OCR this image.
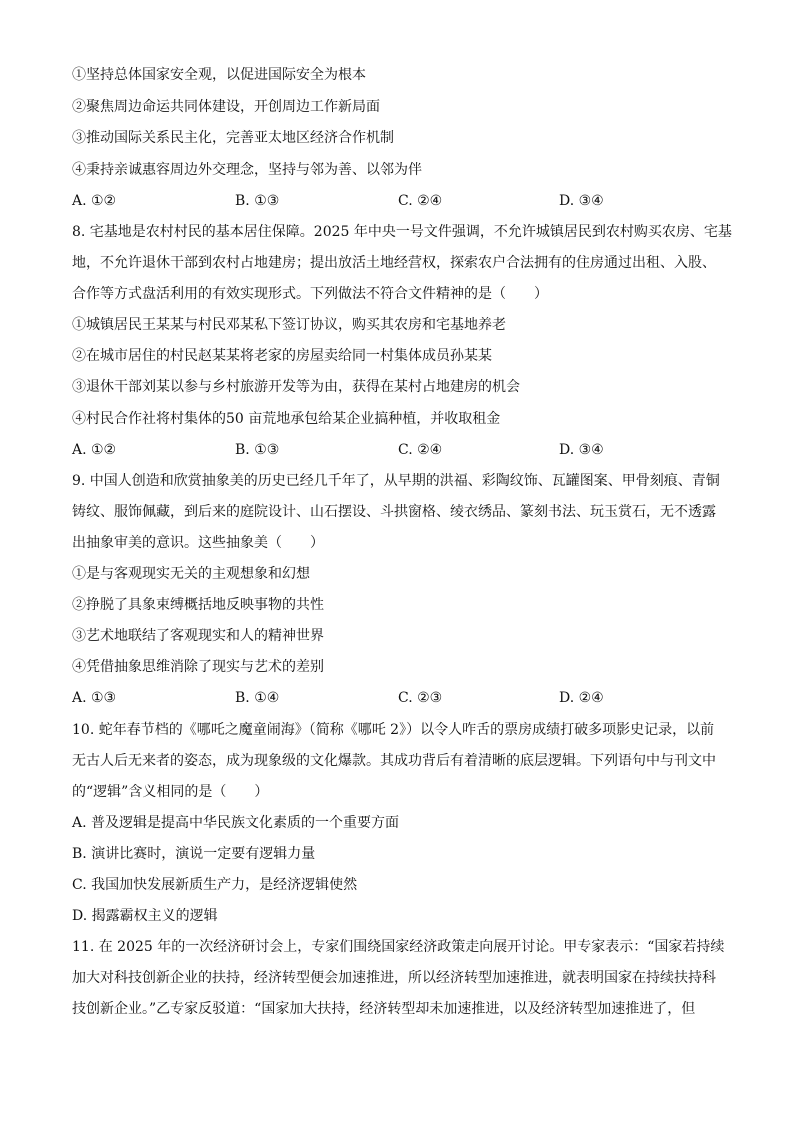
①坚持总体国家安全观，以促进国际安全为根本
②聚焦周边命运共同体建设，开创周边工作新局面
③推动国际关系民主化，完善亚太地区经济合作机制
④秉持亲诚惠容周边外交理念，坚持与邻为善、以邻为伴
A. ①②	B. ①③	C. ②④	D. ③④
8. 宅基地是农村村民的基本居住保障。2025 年中央一号文件强调，不允许城镇居民到农村购买农房、宅基
地，不允许退休干部到农村占地建房；提出放活土地经营权，探索农户合法拥有的住房通过出租、入股、
合作等方式盘活利用的有效实现形式。下列做法不符合文件精神的是（　　）
①城镇居民王某某与村民邓某私下签订协议，购买其农房和宅基地养老
②在城市居住的村民赵某某将老家的房屋卖给同一村集体成员孙某某
③退休干部刘某以参与乡村旅游开发等为由，获得在某村占地建房的机会
④村民合作社将村集体的50 亩荒地承包给某企业搞种植，并收取租金
A. ①②	B. ①③	C. ②④	D. ③④
9. 中国人创造和欣赏抽象美的历史已经几千年了，从早期的洪福、彩陶纹饰、瓦罐图案、甲骨刻痕、青铜
铸纹、服饰佩藏，到后来的庭院设计、山石摆设、斗拱窗格、绫衣绣品、篆刻书法、玩玉赏石，无不透露
出抽象审美的意识。这些抽象美（　　）
①是与客观现实无关的主观想象和幻想
②挣脱了具象束缚概括地反映事物的共性
③艺术地联结了客观现实和人的精神世界
④凭借抽象思维消除了现实与艺术的差别
A. ①③	B. ①④	C. ②③	D. ②④
10. 蛇年春节档的《哪吒之魔童闹海》（简称《哪吒 2》）以令人咋舌的票房成绩打破多项影史记录，以前
无古人后无来者的姿态，成为现象级的文化爆款。其成功背后有着清晰的底层逻辑。下列语句中与刊文中
的“逻辑”含义相同的是（　　）
A. 普及逻辑是提高中华民族文化素质的一个重要方面
B. 演讲比赛时，演说一定要有逻辑力量
C. 我国加快发展新质生产力，是经济逻辑使然
D. 揭露霸权主义的逻辑
11. 在 2025 年的一次经济研讨会上，专家们围绕国家经济政策走向展开讨论。甲专家表示：“国家若持续
加大对科技创新企业的扶持，经济转型便会加速推进，所以经济转型加速推进，就表明国家在持续扶持科
技创新企业。”乙专家反驳道：“国家加大扶持，经济转型却未加速推进，以及经济转型加速推进了，但
